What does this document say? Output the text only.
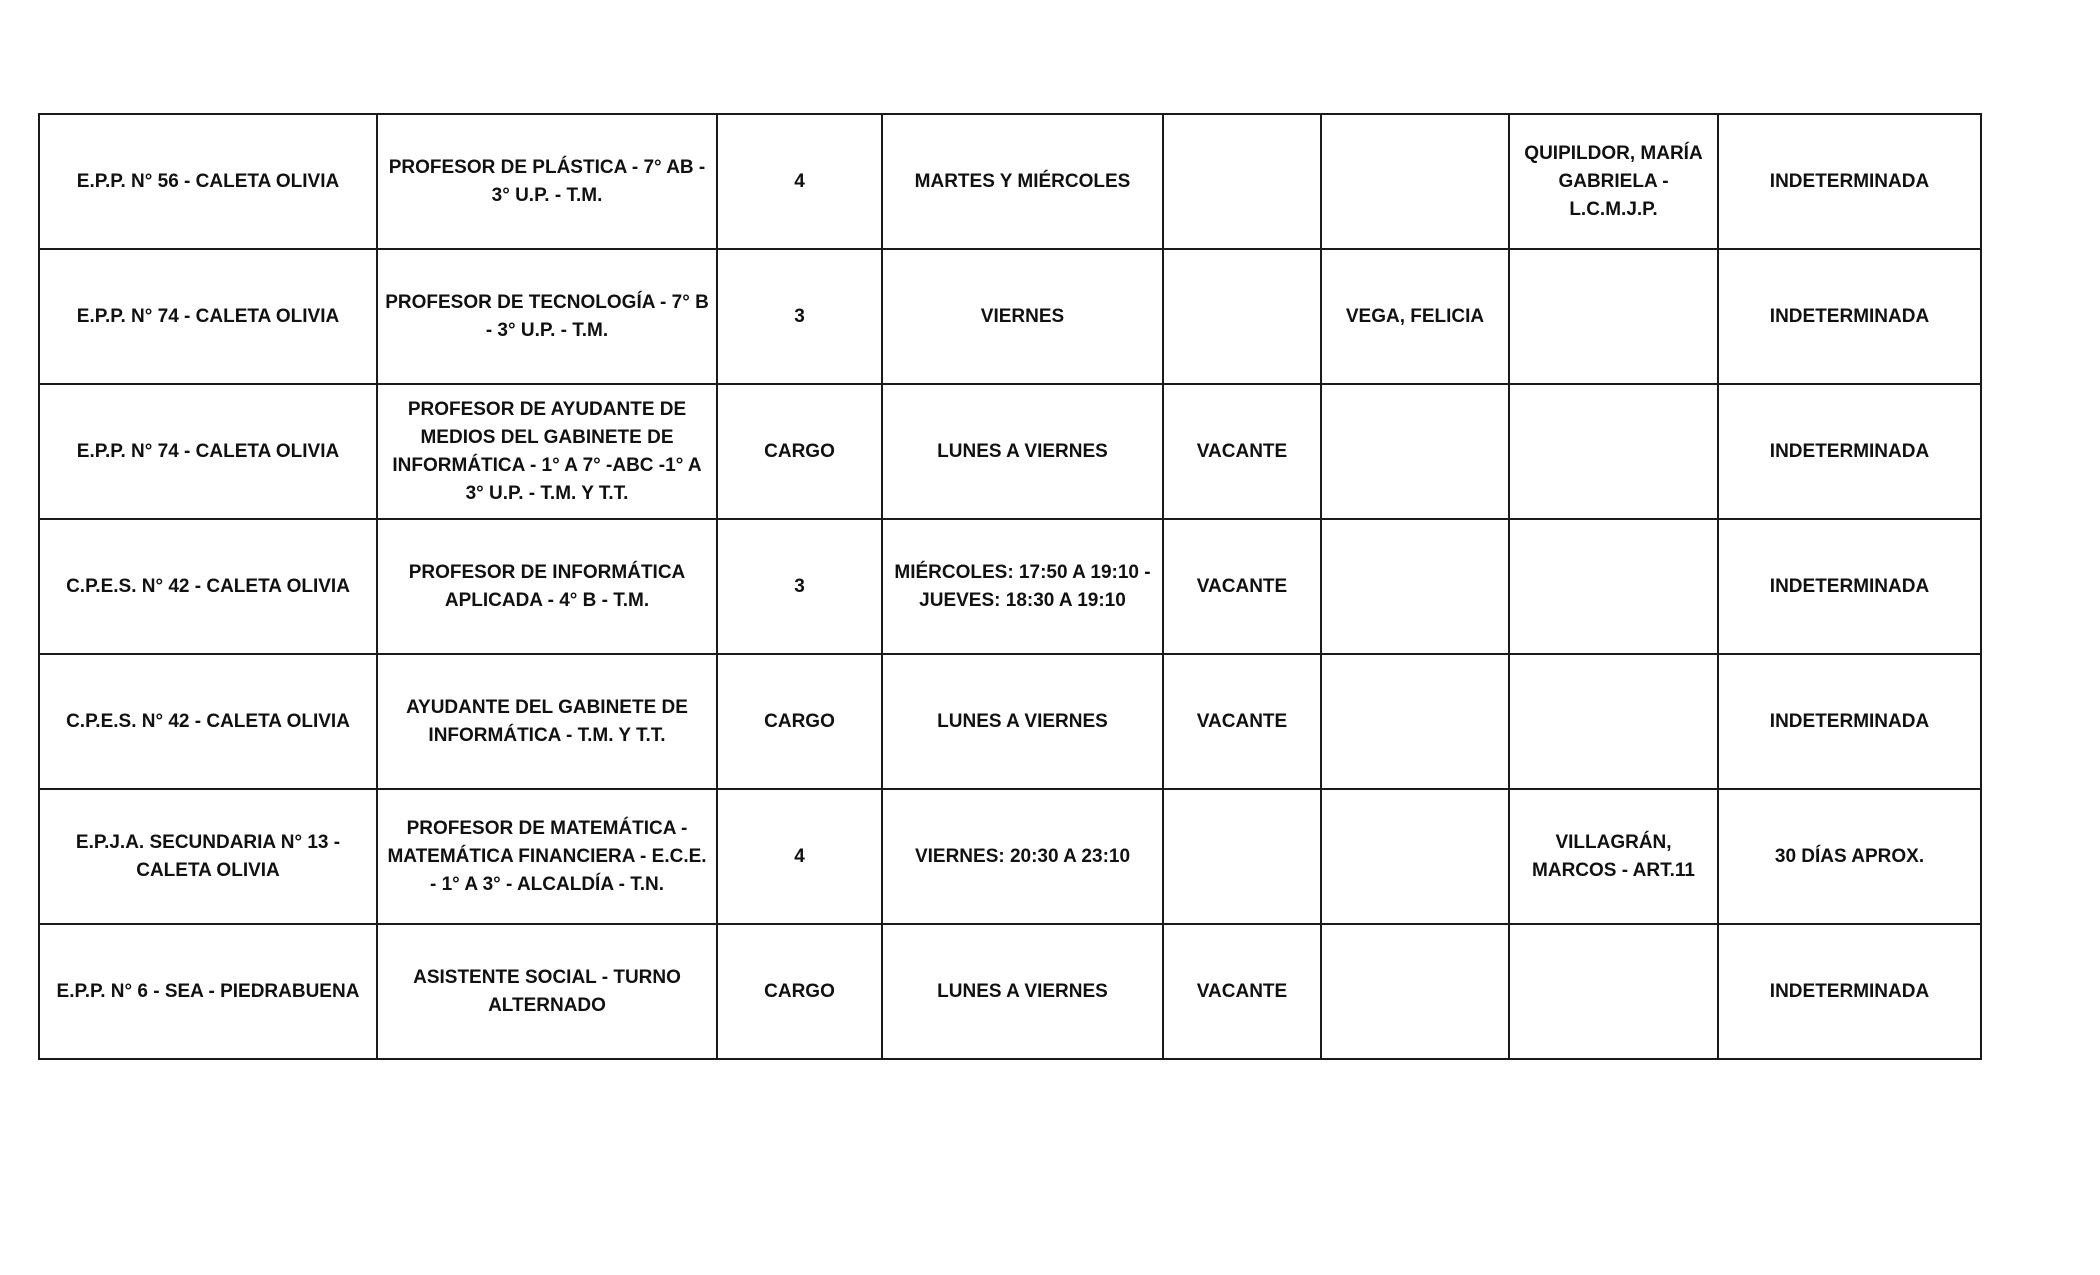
E.P.P. N° 56 - CALETA OLIVIA	PROFESOR DE PLÁSTICA - 7° AB - 3° U.P. - T.M.	4	MARTES Y MIÉRCOLES			QUIPILDOR, MARÍA GABRIELA - L.C.M.J.P.	INDETERMINADA
E.P.P. N° 74 - CALETA OLIVIA	PROFESOR DE TECNOLOGÍA - 7° B - 3° U.P. - T.M.	3	VIERNES		VEGA, FELICIA		INDETERMINADA
E.P.P. N° 74 - CALETA OLIVIA	PROFESOR DE AYUDANTE DE MEDIOS DEL GABINETE DE INFORMÁTICA - 1° A 7° -ABC -1° A 3° U.P. - T.M. Y T.T.	CARGO	LUNES A VIERNES	VACANTE			INDETERMINADA
C.P.E.S. N° 42 - CALETA OLIVIA	PROFESOR DE INFORMÁTICA APLICADA - 4° B - T.M.	3	MIÉRCOLES: 17:50 A 19:10 - JUEVES: 18:30 A 19:10	VACANTE			INDETERMINADA
C.P.E.S. N° 42 - CALETA OLIVIA	AYUDANTE DEL GABINETE DE INFORMÁTICA - T.M. Y T.T.	CARGO	LUNES A VIERNES	VACANTE			INDETERMINADA
E.P.J.A. SECUNDARIA N° 13 - CALETA OLIVIA	PROFESOR DE MATEMÁTICA - MATEMÁTICA FINANCIERA - E.C.E. - 1° A 3° - ALCALDÍA - T.N.	4	VIERNES: 20:30 A 23:10			VILLAGRÁN, MARCOS - ART.11	30 DÍAS APROX.
E.P.P. N° 6 - SEA - PIEDRABUENA	ASISTENTE SOCIAL - TURNO ALTERNADO	CARGO	LUNES A VIERNES	VACANTE			INDETERMINADA
